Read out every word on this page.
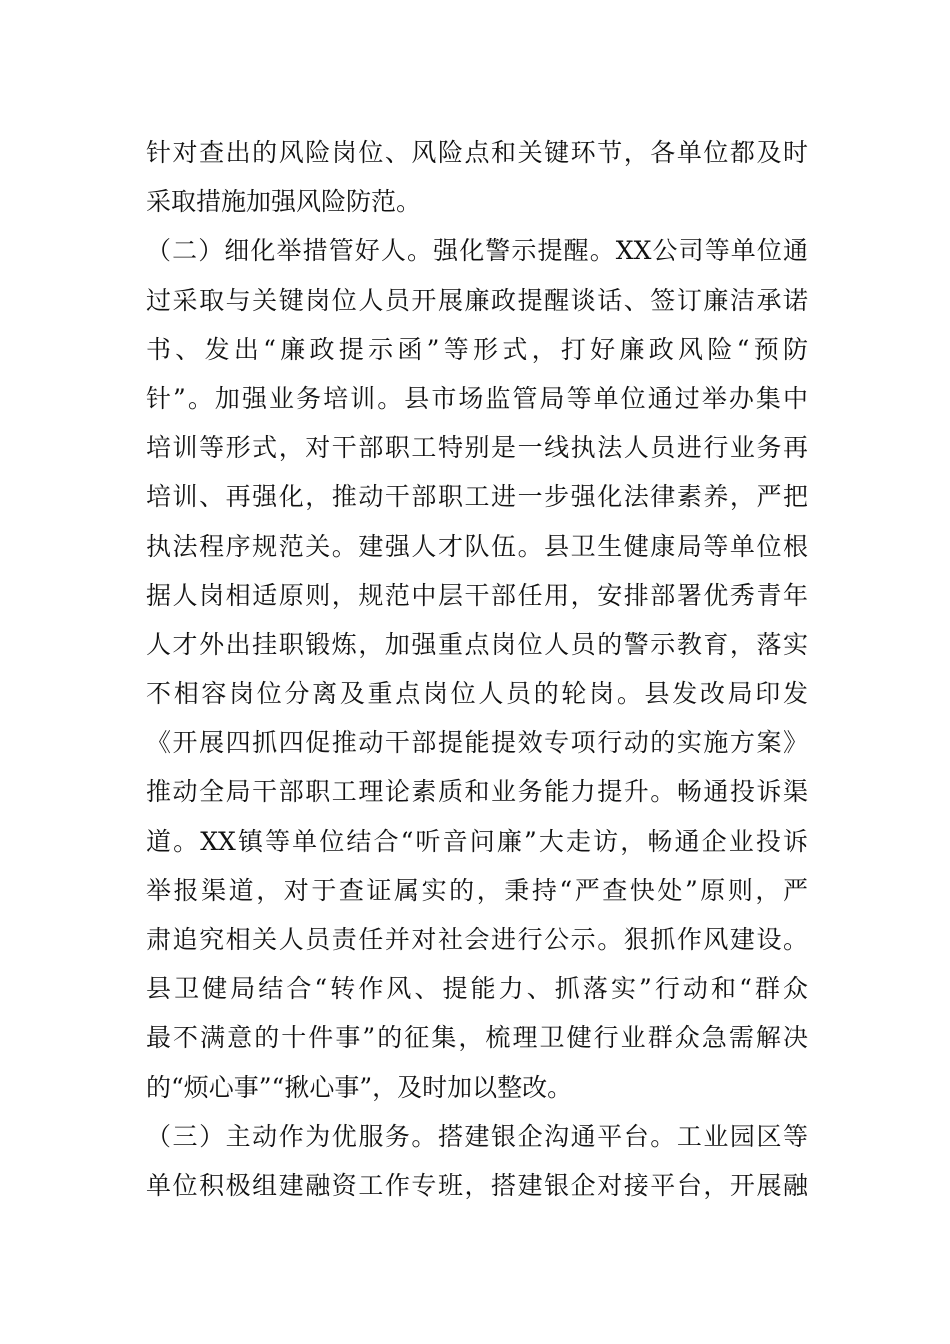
针对查出的风险岗位、风险点和关键环节，各单位都及时
采取措施加强风险防范。
（二）细化举措管好人。强化警示提醒。XX公司等单位通
过采取与关键岗位人员开展廉政提醒谈话、签订廉洁承诺
书、发出“廉政提示函”等形式，打好廉政风险“预防
针”。加强业务培训。县市场监管局等单位通过举办集中
培训等形式，对干部职工特别是一线执法人员进行业务再
培训、再强化，推动干部职工进一步强化法律素养，严把
执法程序规范关。建强人才队伍。县卫生健康局等单位根
据人岗相适原则，规范中层干部任用，安排部署优秀青年
人才外出挂职锻炼，加强重点岗位人员的警示教育，落实
不相容岗位分离及重点岗位人员的轮岗。县发改局印发
《开展四抓四促推动干部提能提效专项行动的实施方案》
推动全局干部职工理论素质和业务能力提升。畅通投诉渠
道。XX镇等单位结合“听音问廉”大走访，畅通企业投诉
举报渠道，对于查证属实的，秉持“严查快处”原则，严
肃追究相关人员责任并对社会进行公示。狠抓作风建设。
县卫健局结合“转作风、提能力、抓落实”行动和“群众
最不满意的十件事”的征集，梳理卫健行业群众急需解决
的“烦心事”“揪心事”，及时加以整改。
（三）主动作为优服务。搭建银企沟通平台。工业园区等
单位积极组建融资工作专班，搭建银企对接平台，开展融
